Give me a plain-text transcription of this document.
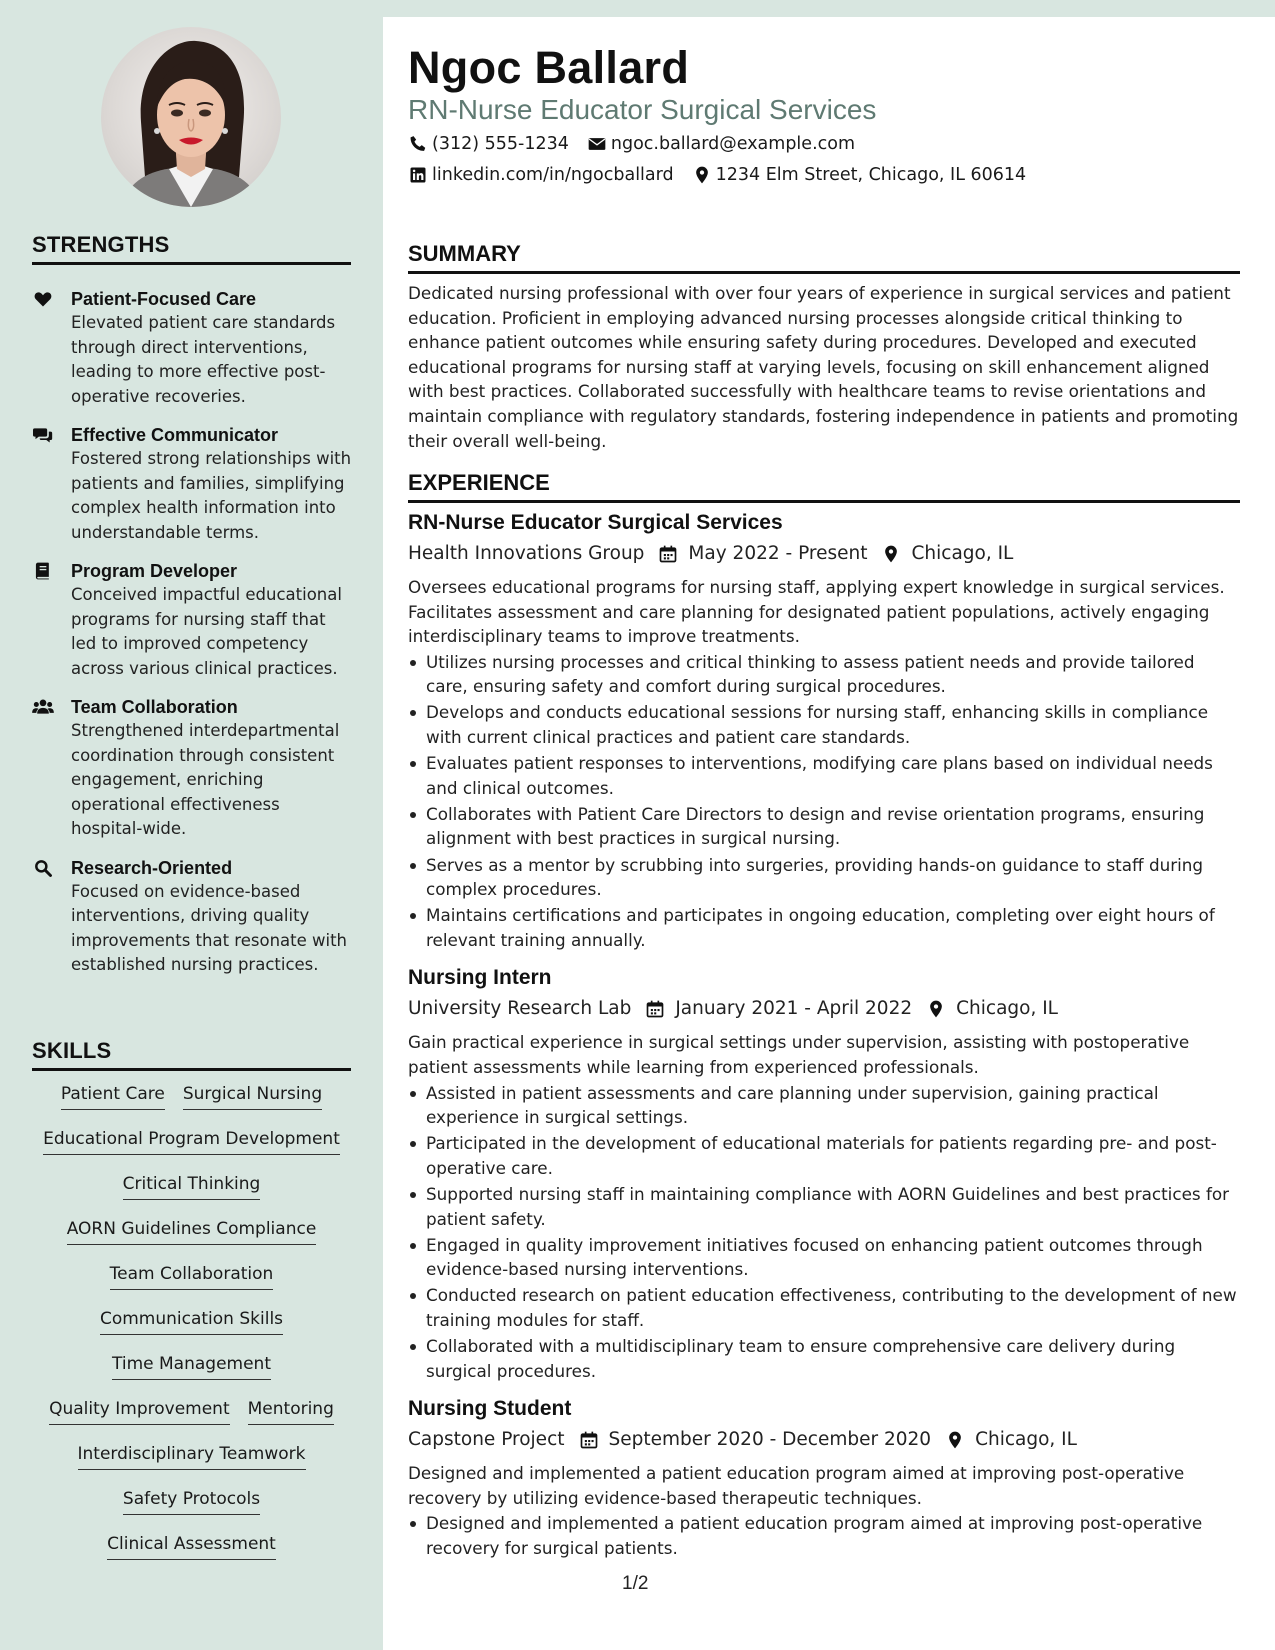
STRENGTHS
Patient-Focused Care
Elevated patient care standards through direct interventions, leading to more effective post-operative recoveries.
Effective Communicator
Fostered strong relationships with patients and families, simplifying complex health information into understandable terms.
Program Developer
Conceived impactful educational programs for nursing staff that led to improved competency across various clinical practices.
Team Collaboration
Strengthened interdepartmental coordination through consistent engagement, enriching operational effectiveness hospital-wide.
Research-Oriented
Focused on evidence-based interventions, driving quality improvements that resonate with established nursing practices.
SKILLS
Patient Care Surgical Nursing
Educational Program Development
Critical Thinking
AORN Guidelines Compliance
Team Collaboration
Communication Skills
Time Management
Quality Improvement Mentoring
Interdisciplinary Teamwork
Safety Protocols
Clinical Assessment
Ngoc Ballard
RN-Nurse Educator Surgical Services
(312) 555-1234 ngoc.ballard@example.com
linkedin.com/in/ngocballard 1234 Elm Street, Chicago, IL 60614
SUMMARY

Dedicated nursing professional with over four years of experience in surgical services and patient education. Proficient in employing advanced nursing processes alongside critical thinking to enhance patient outcomes while ensuring safety during procedures. Developed and executed educational programs for nursing staff at varying levels, focusing on skill enhancement aligned with best practices. Collaborated successfully with healthcare teams to revise orientations and maintain compliance with regulatory standards, fostering independence in patients and promoting their overall well-being.

EXPERIENCE
RN-Nurse Educator Surgical Services
Health Innovations Group May 2022 - Present Chicago, IL

Oversees educational programs for nursing staff, applying expert knowledge in surgical services. Facilitates assessment and care planning for designated patient populations, actively engaging interdisciplinary teams to improve treatments.

Utilizes nursing processes and critical thinking to assess patient needs and provide tailored care, ensuring safety and comfort during surgical procedures.
Develops and conducts educational sessions for nursing staff, enhancing skills in compliance with current clinical practices and patient care standards.
Evaluates patient responses to interventions, modifying care plans based on individual needs and clinical outcomes.
Collaborates with Patient Care Directors to design and revise orientation programs, ensuring alignment with best practices in surgical nursing.
Serves as a mentor by scrubbing into surgeries, providing hands-on guidance to staff during complex procedures.
Maintains certifications and participates in ongoing education, completing over eight hours of relevant training annually.
Nursing Intern
University Research Lab January 2021 - April 2022 Chicago, IL

Gain practical experience in surgical settings under supervision, assisting with postoperative patient assessments while learning from experienced professionals.

Assisted in patient assessments and care planning under supervision, gaining practical experience in surgical settings.
Participated in the development of educational materials for patients regarding pre- and post-operative care.
Supported nursing staff in maintaining compliance with AORN Guidelines and best practices for patient safety.
Engaged in quality improvement initiatives focused on enhancing patient outcomes through evidence-based nursing interventions.
Conducted research on patient education effectiveness, contributing to the development of new training modules for staff.
Collaborated with a multidisciplinary team to ensure comprehensive care delivery during surgical procedures.
Nursing Student
Capstone Project September 2020 - December 2020 Chicago, IL

Designed and implemented a patient education program aimed at improving post-operative recovery by utilizing evidence-based therapeutic techniques.

Designed and implemented a patient education program aimed at improving post-operative recovery for surgical patients.
1/2
